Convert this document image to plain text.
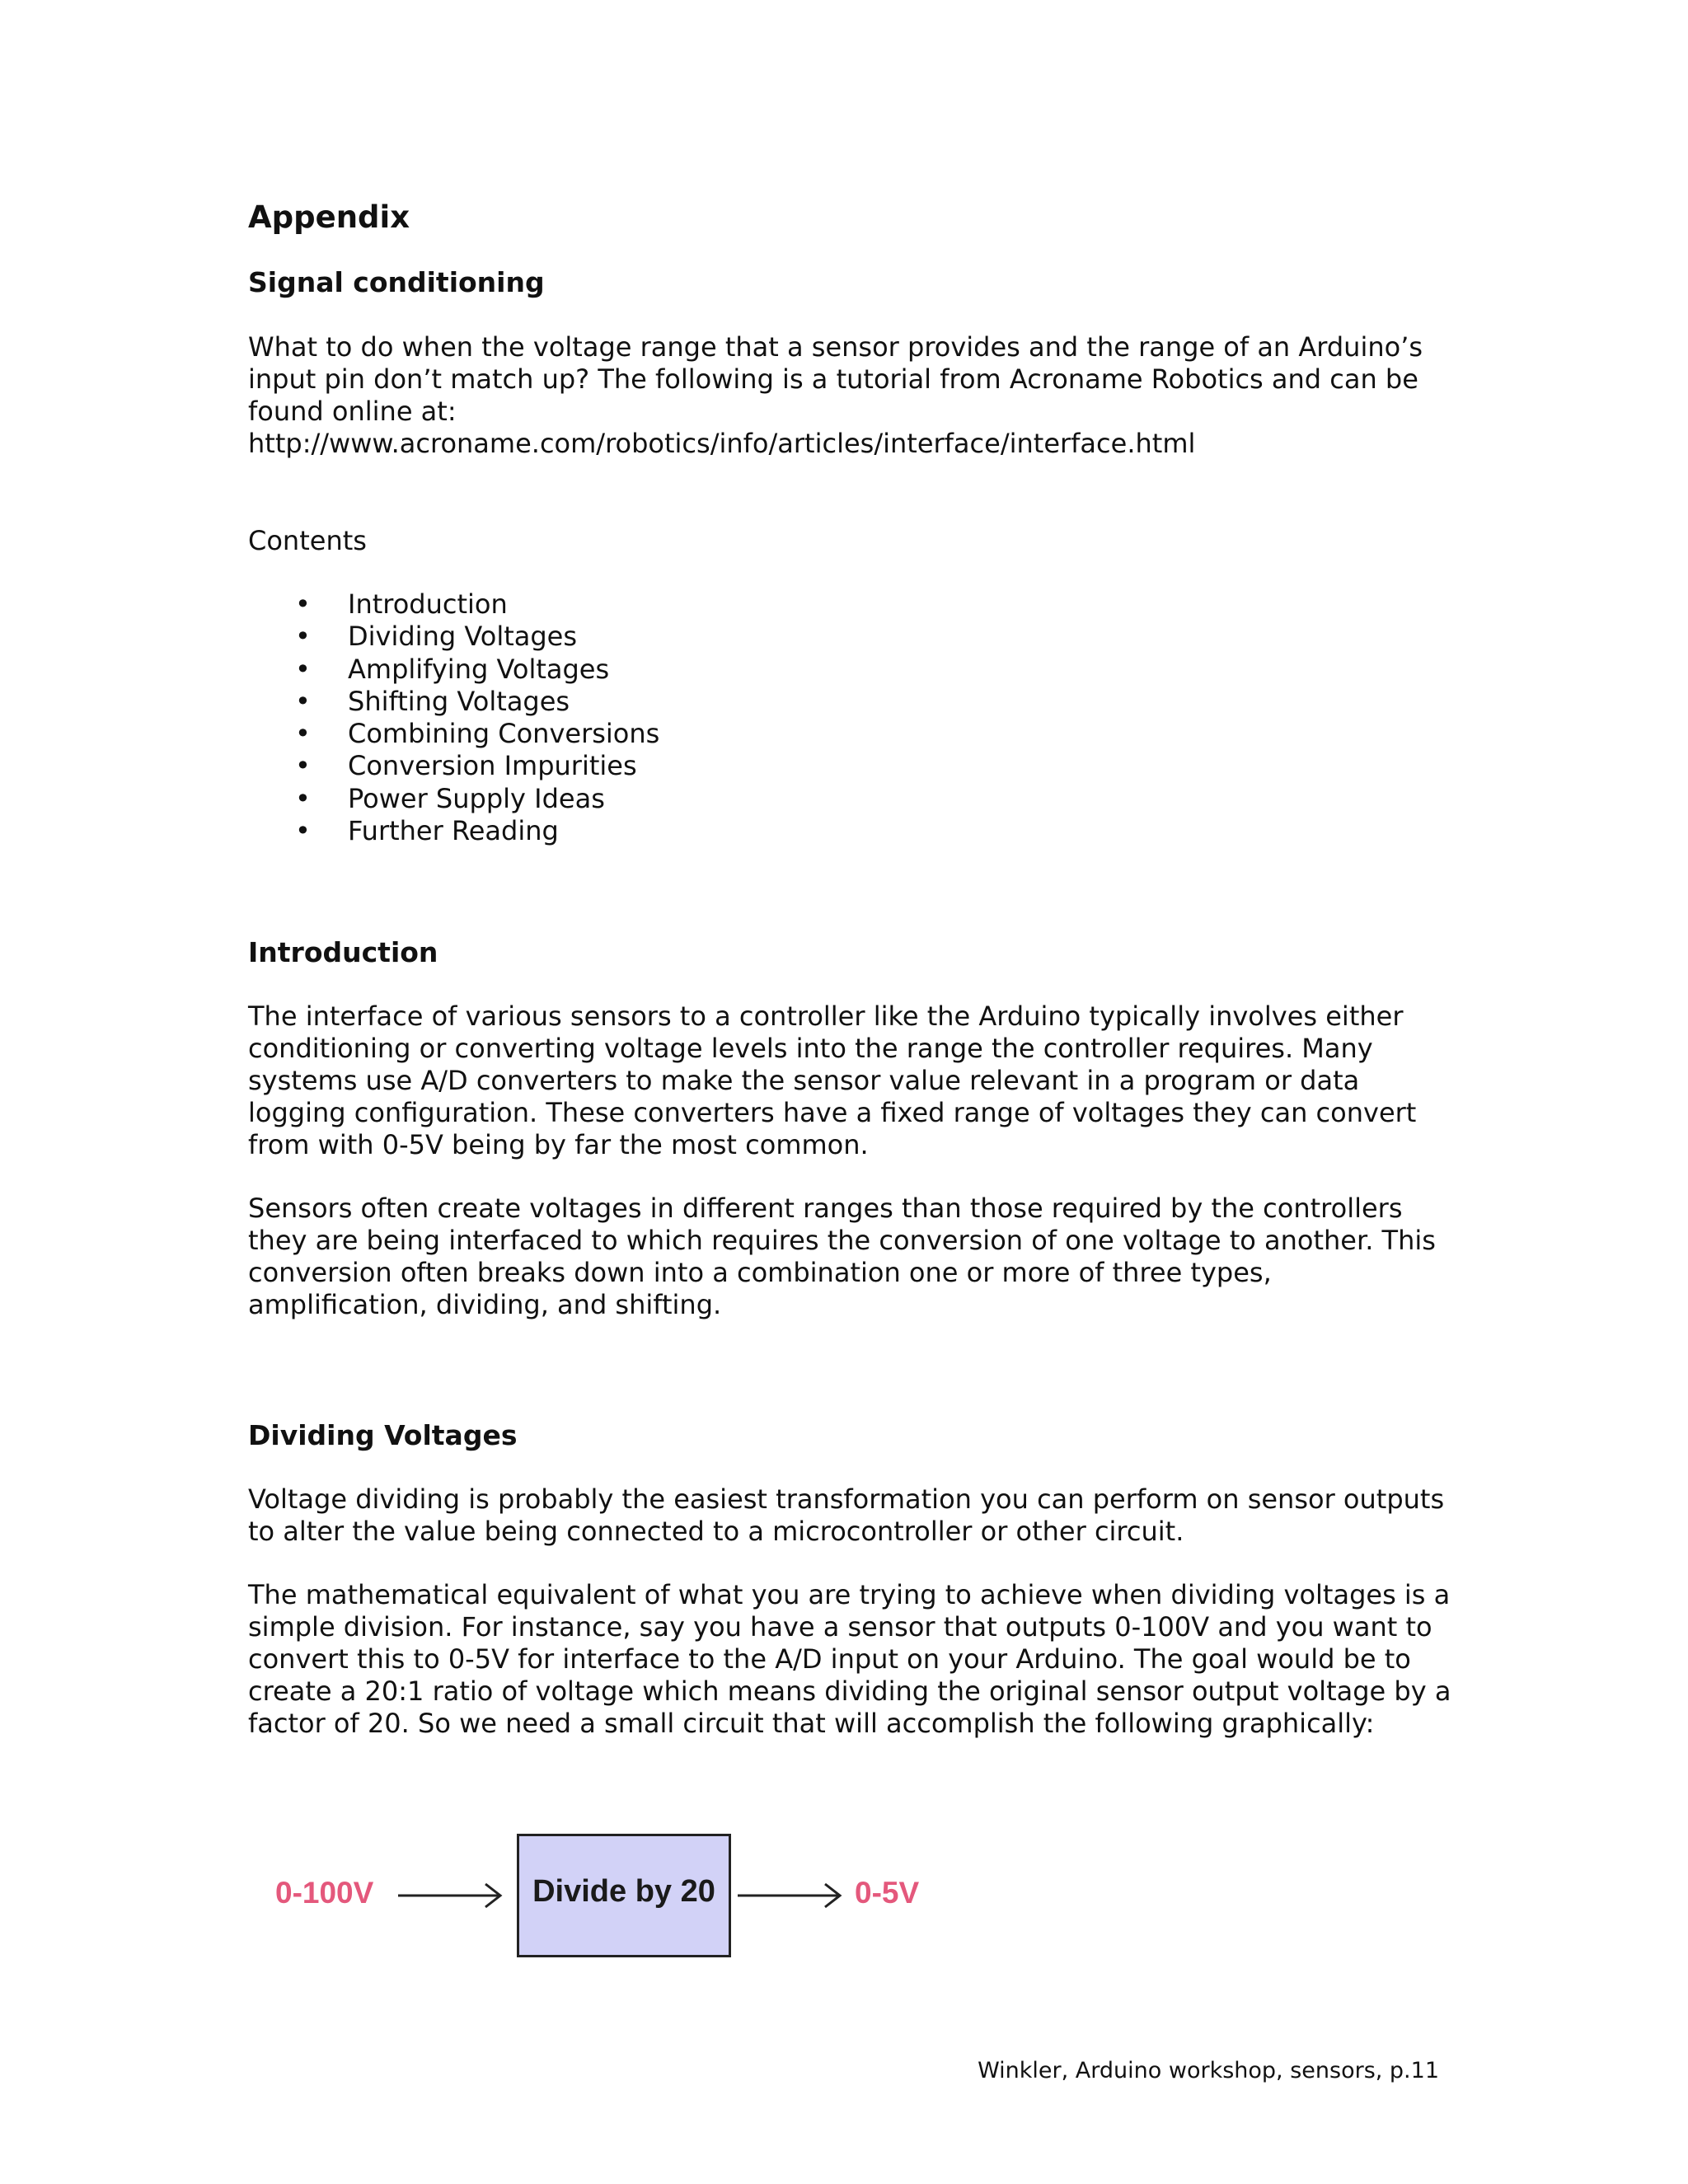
Appendix
Signal conditioning

What to do when the voltage range that a sensor provides and the range of an Arduino’s input pin don’t match up? The following is a tutorial from Acroname Robotics and can be found online at:
http://www.acroname.com/robotics/info/articles/interface/interface.html

Contents

• Introduction
• Dividing Voltages
• Amplifying Voltages
• Shifting Voltages
• Combining Conversions
• Conversion Impurities
• Power Supply Ideas
• Further Reading
Introduction

The interface of various sensors to a controller like the Arduino typically involves either conditioning or converting voltage levels into the range the controller requires. Many systems use A/D converters to make the sensor value relevant in a program or data logging configuration. These converters have a fixed range of voltages they can convert from with 0-5V being by far the most common.

Sensors often create voltages in different ranges than those required by the controllers they are being interfaced to which requires the conversion of one voltage to another. This conversion often breaks down into a combination one or more of three types, amplification, dividing, and shifting.

Dividing Voltages

Voltage dividing is probably the easiest transformation you can perform on sensor outputs to alter the value being connected to a microcontroller or other circuit.

The mathematical equivalent of what you are trying to achieve when dividing voltages is a simple division. For instance, say you have a sensor that outputs 0-100V and you want to convert this to 0-5V for interface to the A/D input on your Arduino. The goal would be to create a 20:1 ratio of voltage which means dividing the original sensor output voltage by a factor of 20. So we need a small circuit that will accomplish the following graphically:

0-100V	Divide by 20	0-5V
Winkler, Arduino workshop, sensors, p.11
